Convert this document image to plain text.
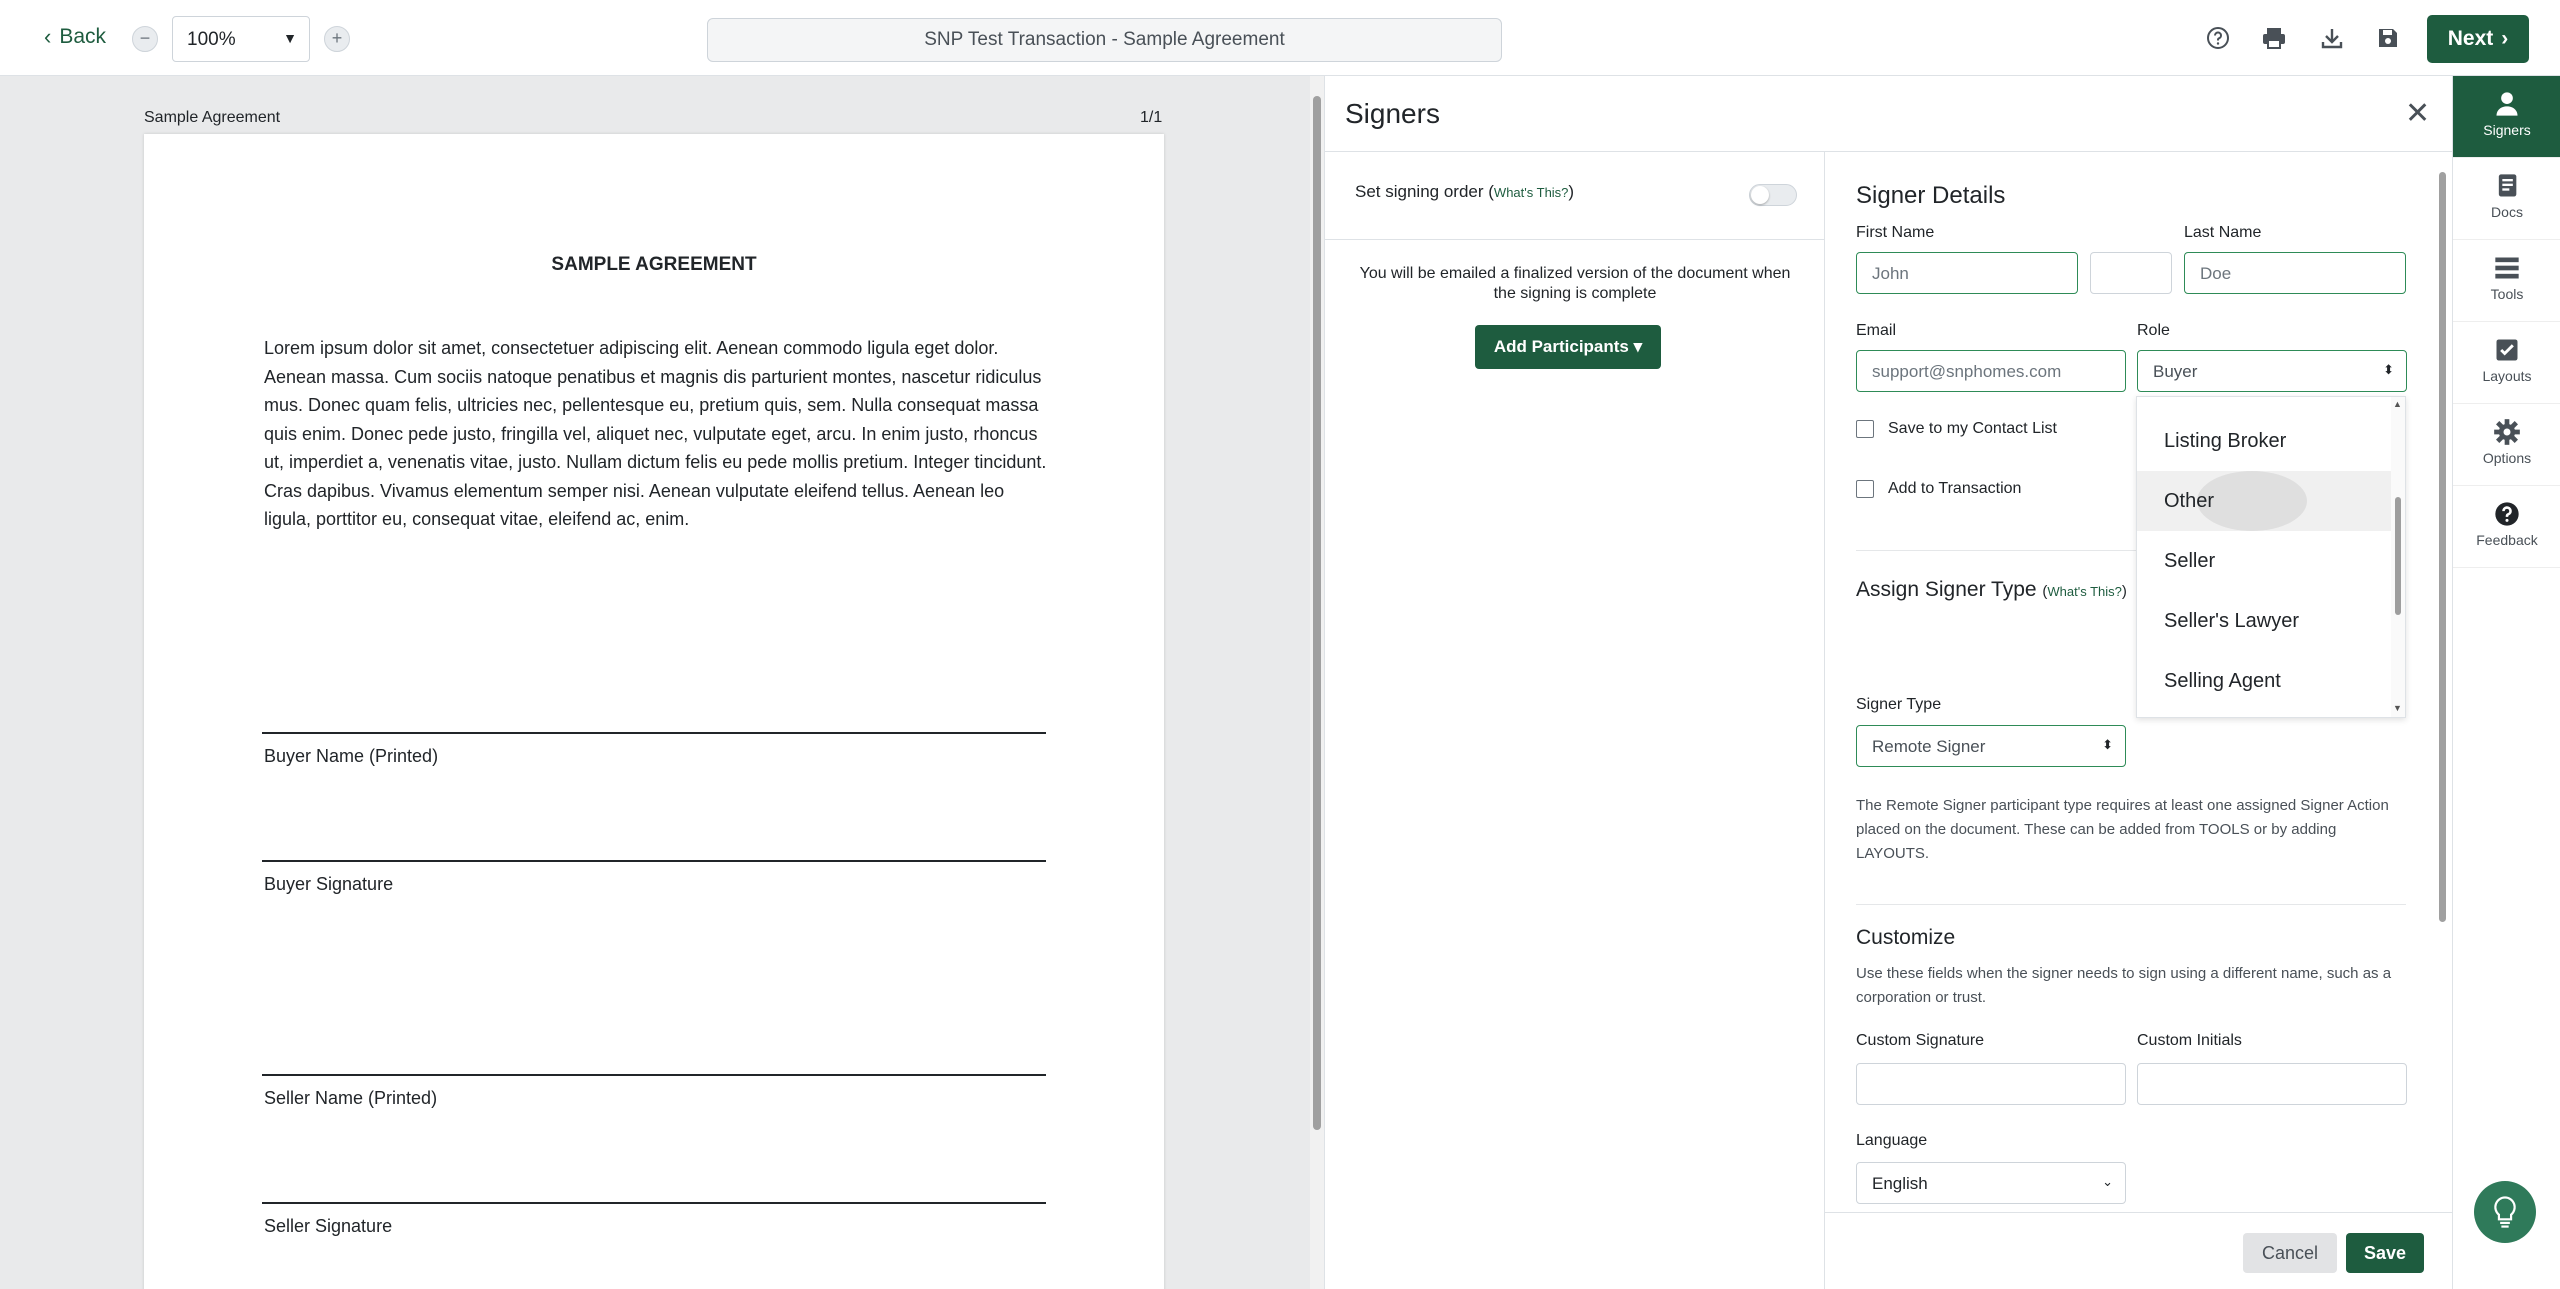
‹ Back	−	100%	▼	+	SNP Test Transaction - Sample Agreement	Next ›
Sample Agreement	1/1
SAMPLE AGREEMENT
Lorem ipsum dolor sit amet, consectetuer adipiscing elit. Aenean commodo ligula eget dolor. Aenean massa. Cum sociis natoque penatibus et magnis dis parturient montes, nascetur ridiculus mus. Donec quam felis, ultricies nec, pellentesque eu, pretium quis, sem. Nulla consequat massa quis enim. Donec pede justo, fringilla vel, aliquet nec, vulputate eget, arcu. In enim justo, rhoncus ut, imperdiet a, venenatis vitae, justo. Nullam dictum felis eu pede mollis pretium. Integer tincidunt. Cras dapibus. Vivamus elementum semper nisi. Aenean vulputate eleifend tellus. Aenean leo ligula, porttitor eu, consequat vitae, eleifend ac, enim.
Buyer Name (Printed)
Buyer Signature
Seller Name (Printed)
Seller Signature
Signers	✕
Set signing order (What's This?)
You will be emailed a finalized version of the document when the signing is complete
Add Participants ▾
Signer Details
First Name
John
Last Name
Doe
Email
support@snphomes.com
Role
Buyer	⬍
Save to my Contact List
Add to Transaction
Assign Signer Type (What's This?)
Signer Type
Remote Signer	⬍
The Remote Signer participant type requires at least one assigned Signer Action placed on the document. These can be added from TOOLS or by adding LAYOUTS.
Customize
Use these fields when the signer needs to sign using a different name, such as a corporation or trust.
Custom Signature	Custom Initials
Language
English	⌄
Cancel	Save
Listing Broker
Other
Seller
Seller's Lawyer
Selling Agent
▲
▼
Signers
Docs
Tools
Layouts
Options
Feedback
